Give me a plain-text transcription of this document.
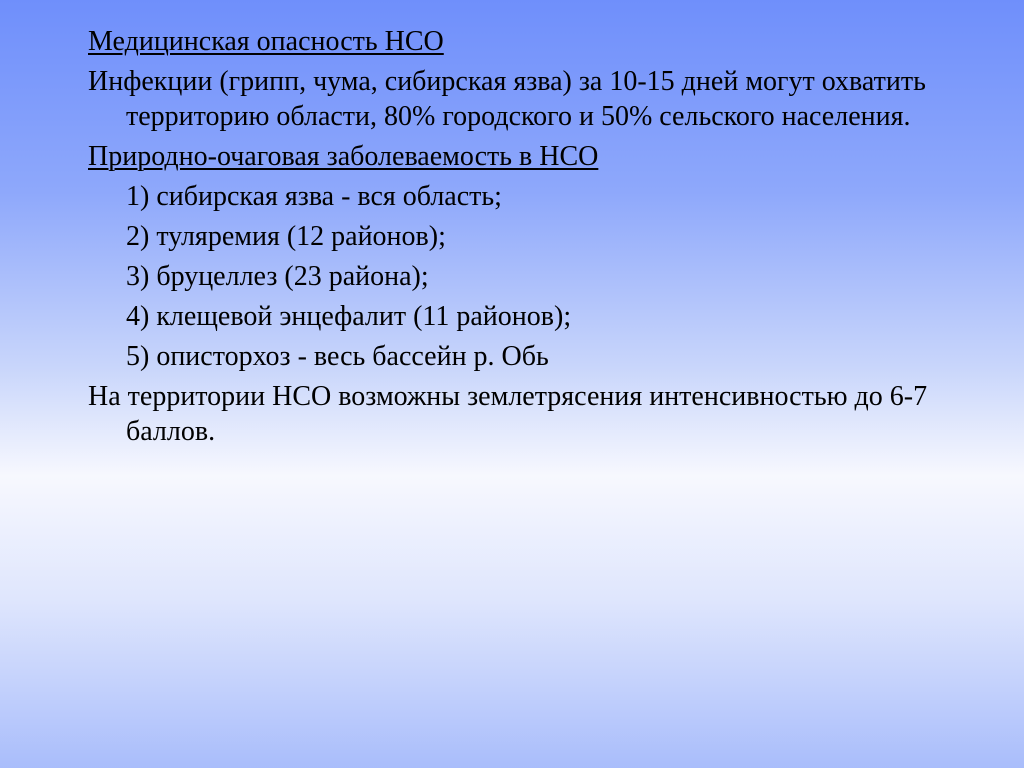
Медицинская опасность НСО

Инфекции (грипп, чума, сибирская язва) за 10-15 дней могут охватить территорию области, 80% городского и 50% сельского населения.

Природно-очаговая заболеваемость в НСО

1) сибирская язва - вся область;
2) туляремия (12 районов);
3) бруцеллез (23 района);
4) клещевой энцефалит (11 районов);
5) описторхоз - весь бассейн р. Обь

На территории НСО возможны землетрясения интенсивностью до 6-7 баллов.
